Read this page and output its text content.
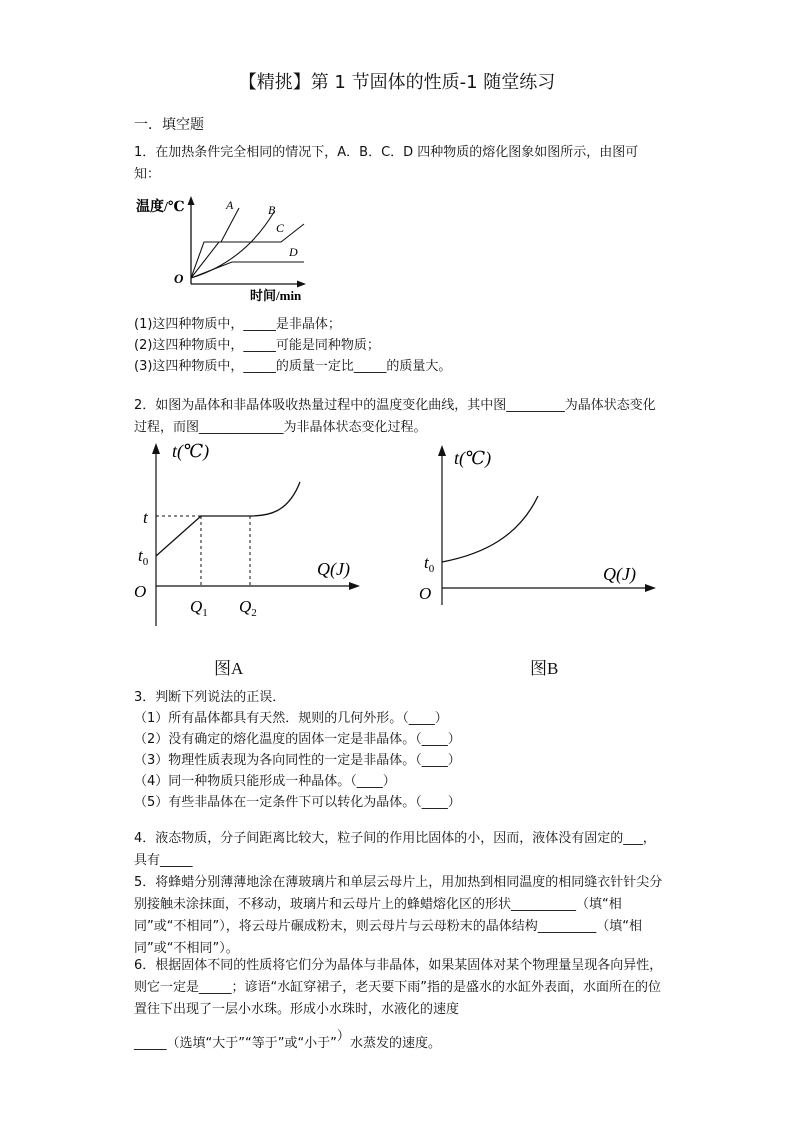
【精挑】第 1 节固体的性质-1 随堂练习
一．填空题
1．在加热条件完全相同的情况下，A．B．C．D 四种物质的熔化图象如图所示，由图可知：
温度/℃
O
时间/min
A	B
C
D
(1)这四种物质中，_____是非晶体；
(2)这四种物质中，_____可能是同种物质；
(3)这四种物质中，_____的质量一定比_____的质量大。
2．如图为晶体和非晶体吸收热量过程中的温度变化曲线，其中图_________为晶体状态变化过程，而图_____________为非晶体状态变化过程。
t(℃)
Q(J)
O
t
$t_0$
$Q_1$ $Q_2$
图A
t(℃)
Q(J)
O
$t_0$
图B
3．判断下列说法的正误．
（1）所有晶体都具有天然．规则的几何外形。（____）
（2）没有确定的熔化温度的固体一定是非晶体。（____）
（3）物理性质表现为各向同性的一定是非晶体。（____）
（4）同一种物质只能形成一种晶体。（____）
（5）有些非晶体在一定条件下可以转化为晶体。（____）
4．液态物质，分子间距离比较大，粒子间的作用比固体的小，因而，液体没有固定的___，具有_____
5．将蜂蜡分别薄薄地涂在薄玻璃片和单层云母片上，用加热到相同温度的相同缝衣针针尖分别接触未涂抹面，不移动，玻璃片和云母片上的蜂蜡熔化区的形状__________（填“相同”或“不相同”），将云母片碾成粉末，则云母片与云母粉末的晶体结构_________（填“相同”或“不相同”）。
6．根据固体不同的性质将它们分为晶体与非晶体，如果某固体对某个物理量呈现各向异性，则它一定是_____；谚语“水缸穿裙子，老天要下雨”指的是盛水的水缸外表面，水面所在的位置往下出现了一层小水珠。形成小水珠时，水液化的速度
_____（选填“大于”“等于”或“小于”）水蒸发的速度。
